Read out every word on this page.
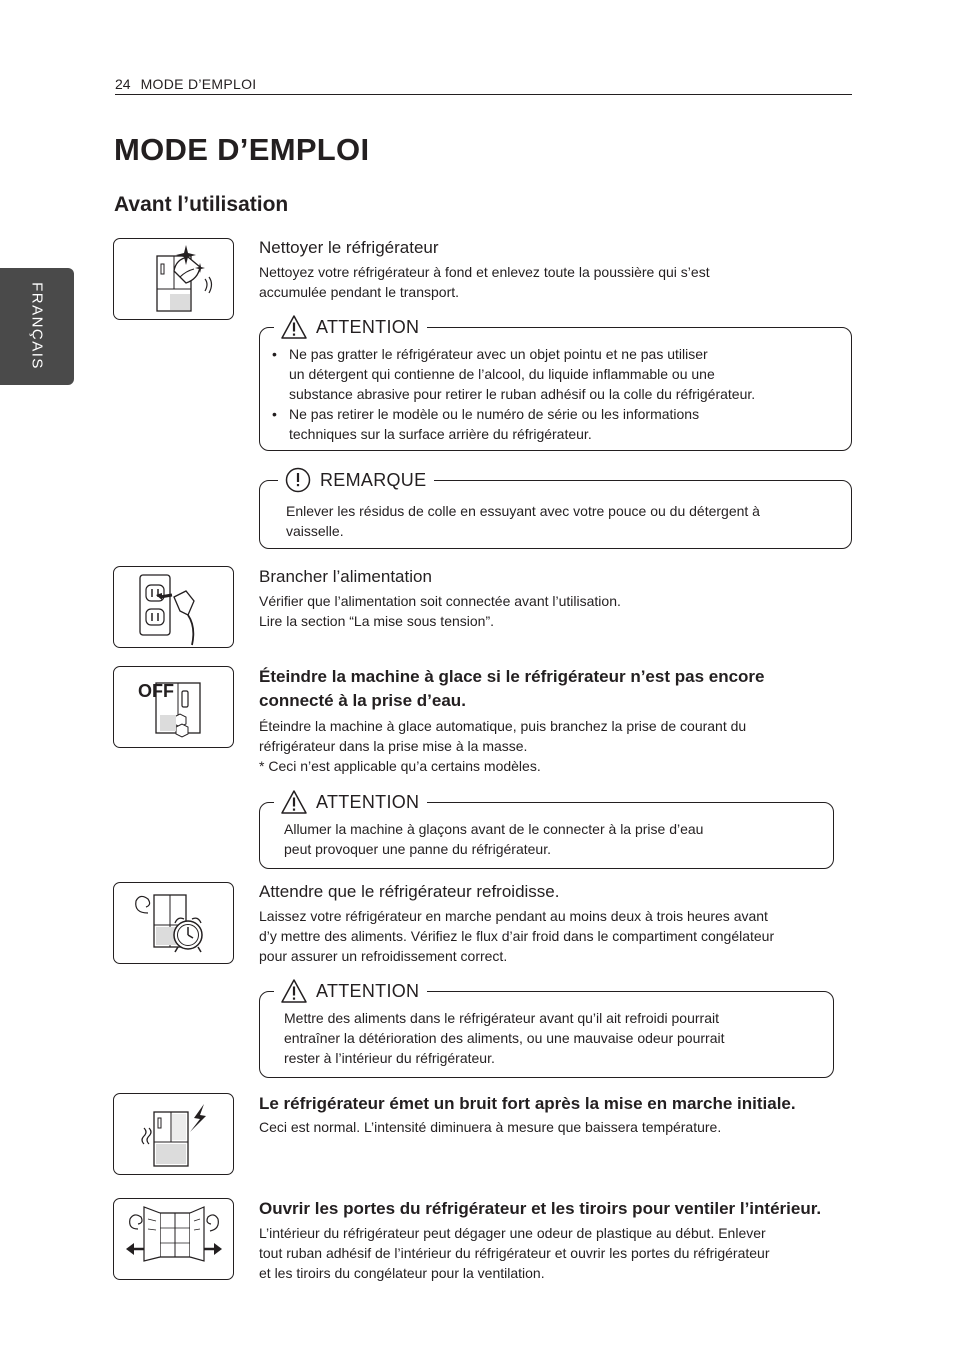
24 MODE D’EMPLOI
MODE D’EMPLOI
Avant l’utilisation
FRANÇAIS
Nettoyer le réfrigérateur
Nettoyez votre réfrigérateur à fond et enlevez toute la poussière qui s’est
accumulée pendant le transport.
ATTENTION
• Ne pas gratter le réfrigérateur avec un objet pointu et ne pas utiliser
un détergent qui contienne de l’alcool, du liquide inflammable ou une
substance abrasive pour retirer le ruban adhésif ou la colle du réfrigérateur.
• Ne pas retirer le modèle ou le numéro de série ou les informations
techniques sur la surface arrière du réfrigérateur.
REMARQUE
Enlever les résidus de colle en essuyant avec votre pouce ou du détergent à
vaisselle.
Brancher l’alimentation
Vérifier que l’alimentation soit connectée avant l’utilisation.
Lire la section “La mise sous tension”.
OFF
Éteindre la machine à glace si le réfrigérateur n’est pas encore
connecté à la prise d’eau.
Éteindre la machine à glace automatique, puis branchez la prise de courant du
réfrigérateur dans la prise mise à la masse.
* Ceci n’est applicable qu’a certains modèles.
ATTENTION
Allumer la machine à glaçons avant de le connecter à la prise d’eau
peut provoquer une panne du réfrigérateur.
Attendre que le réfrigérateur refroidisse.
Laissez votre réfrigérateur en marche pendant au moins deux à trois heures avant
d’y mettre des aliments. Vérifiez le flux d’air froid dans le compartiment congélateur
pour assurer un refroidissement correct.
ATTENTION
Mettre des aliments dans le réfrigérateur avant qu’il ait refroidi pourrait
entraîner la détérioration des aliments, ou une mauvaise odeur pourrait
rester à l’intérieur du réfrigérateur.
Le réfrigérateur émet un bruit fort après la mise en marche initiale.
Ceci est normal. L’intensité diminuera à mesure que baissera température.
Ouvrir les portes du réfrigérateur et les tiroirs pour ventiler l’intérieur.
L’intérieur du réfrigérateur peut dégager une odeur de plastique au début. Enlever
tout ruban adhésif de l’intérieur du réfrigérateur et ouvrir les portes du réfrigérateur
et les tiroirs du congélateur pour la ventilation.
